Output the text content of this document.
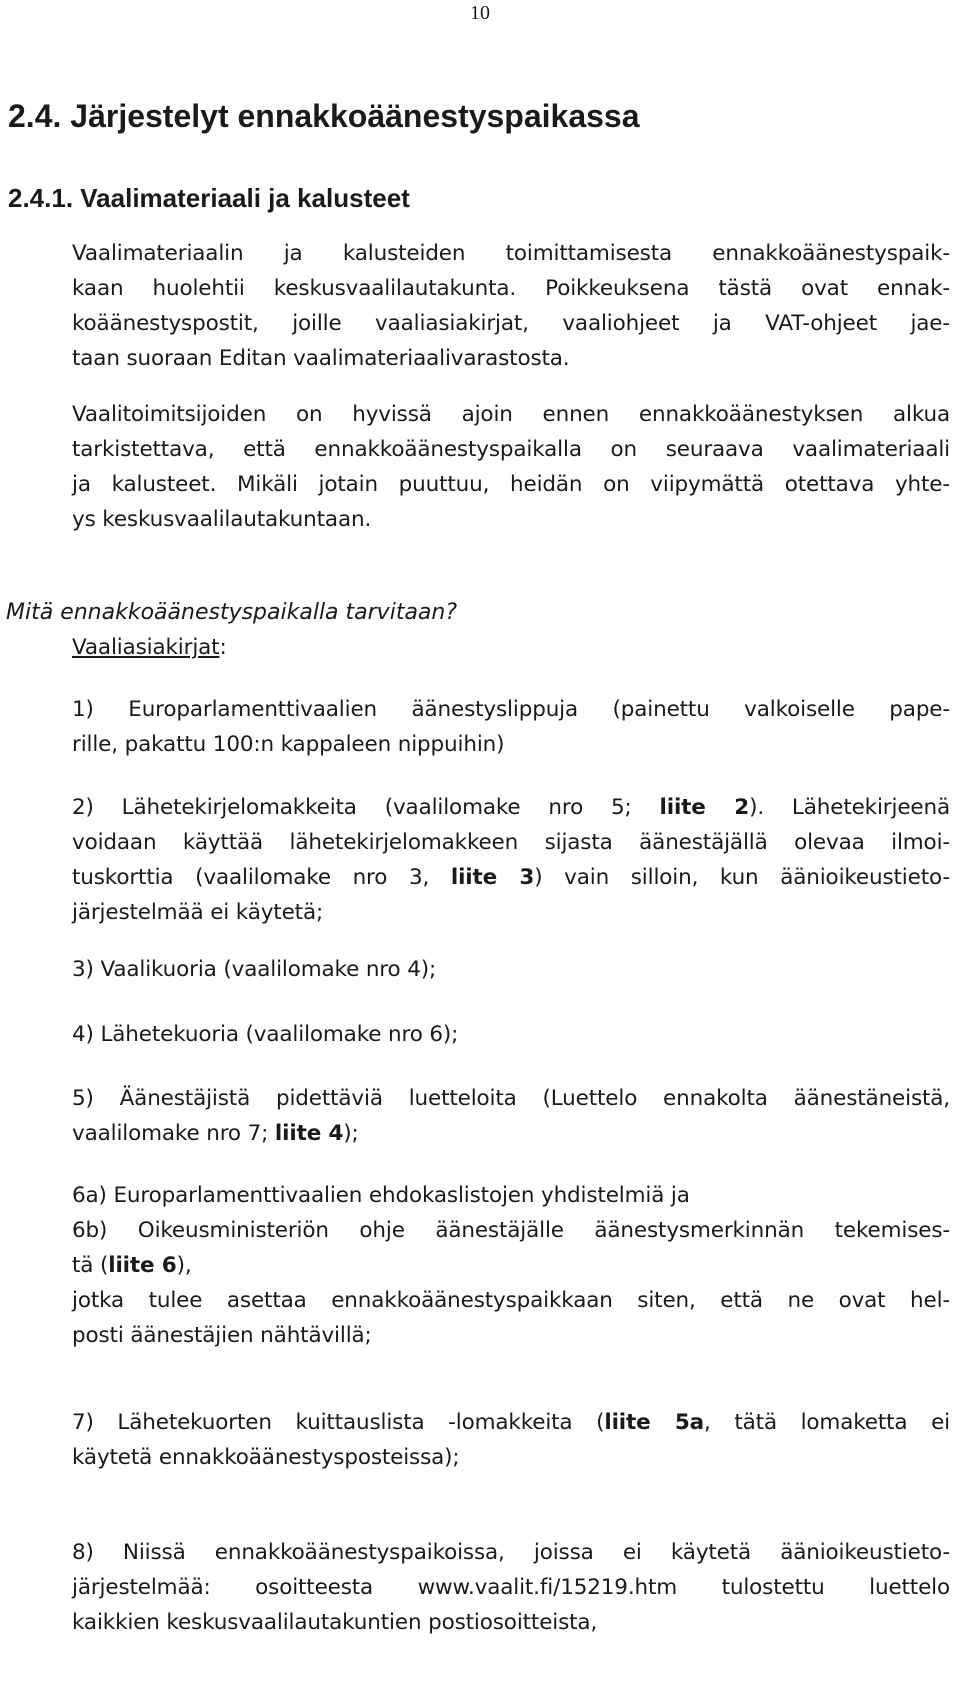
10
2.4. Järjestelyt ennakkoäänestyspaikassa
2.4.1. Vaalimateriaali ja kalusteet

Vaalimateriaalin ja kalusteiden toimittamisesta ennakkoäänestyspaik-
kaan huolehtii keskusvaalilautakunta. Poikkeuksena tästä ovat ennak-
koäänestyspostit, joille vaaliasiakirjat, vaaliohjeet ja VAT-ohjeet jae-
taan suoraan Editan vaalimateriaalivarastosta.

Vaalitoimitsijoiden on hyvissä ajoin ennen ennakkoäänestyksen alkua
tarkistettava, että ennakkoäänestyspaikalla on seuraava vaalimateriaali
ja kalusteet. Mikäli jotain puuttuu, heidän on viipymättä otettava yhte-
ys keskusvaalilautakuntaan.

Mitä ennakkoäänestyspaikalla tarvitaan?

Vaaliasiakirjat:

1) Europarlamenttivaalien äänestyslippuja (painettu valkoiselle pape-
rille, pakattu 100:n kappaleen nippuihin)

2) Lähetekirjelomakkeita (vaalilomake nro 5; liite 2). Lähetekirjeenä
voidaan käyttää lähetekirjelomakkeen sijasta äänestäjällä olevaa ilmoi-
tuskorttia (vaalilomake nro 3, liite 3) vain silloin, kun äänioikeustieto-
järjestelmää ei käytetä;

3) Vaalikuoria (vaalilomake nro 4);

4) Lähetekuoria (vaalilomake nro 6);

5) Äänestäjistä pidettäviä luetteloita (Luettelo ennakolta äänestäneistä,
vaalilomake nro 7; liite 4);

6a) Europarlamenttivaalien ehdokaslistojen yhdistelmiä ja
6b) Oikeusministeriön ohje äänestäjälle äänestysmerkinnän tekemises-
tä (liite 6),
jotka tulee asettaa ennakkoäänestyspaikkaan siten, että ne ovat hel-
posti äänestäjien nähtävillä;

7) Lähetekuorten kuittauslista -lomakkeita (liite 5a, tätä lomaketta ei
käytetä ennakkoäänestysposteissa);

8) Niissä ennakkoäänestyspaikoissa, joissa ei käytetä äänioikeustieto-
järjestelmää: osoitteesta www.vaalit.fi/15219.htm tulostettu luettelo
kaikkien keskusvaalilautakuntien postiosoitteista,
